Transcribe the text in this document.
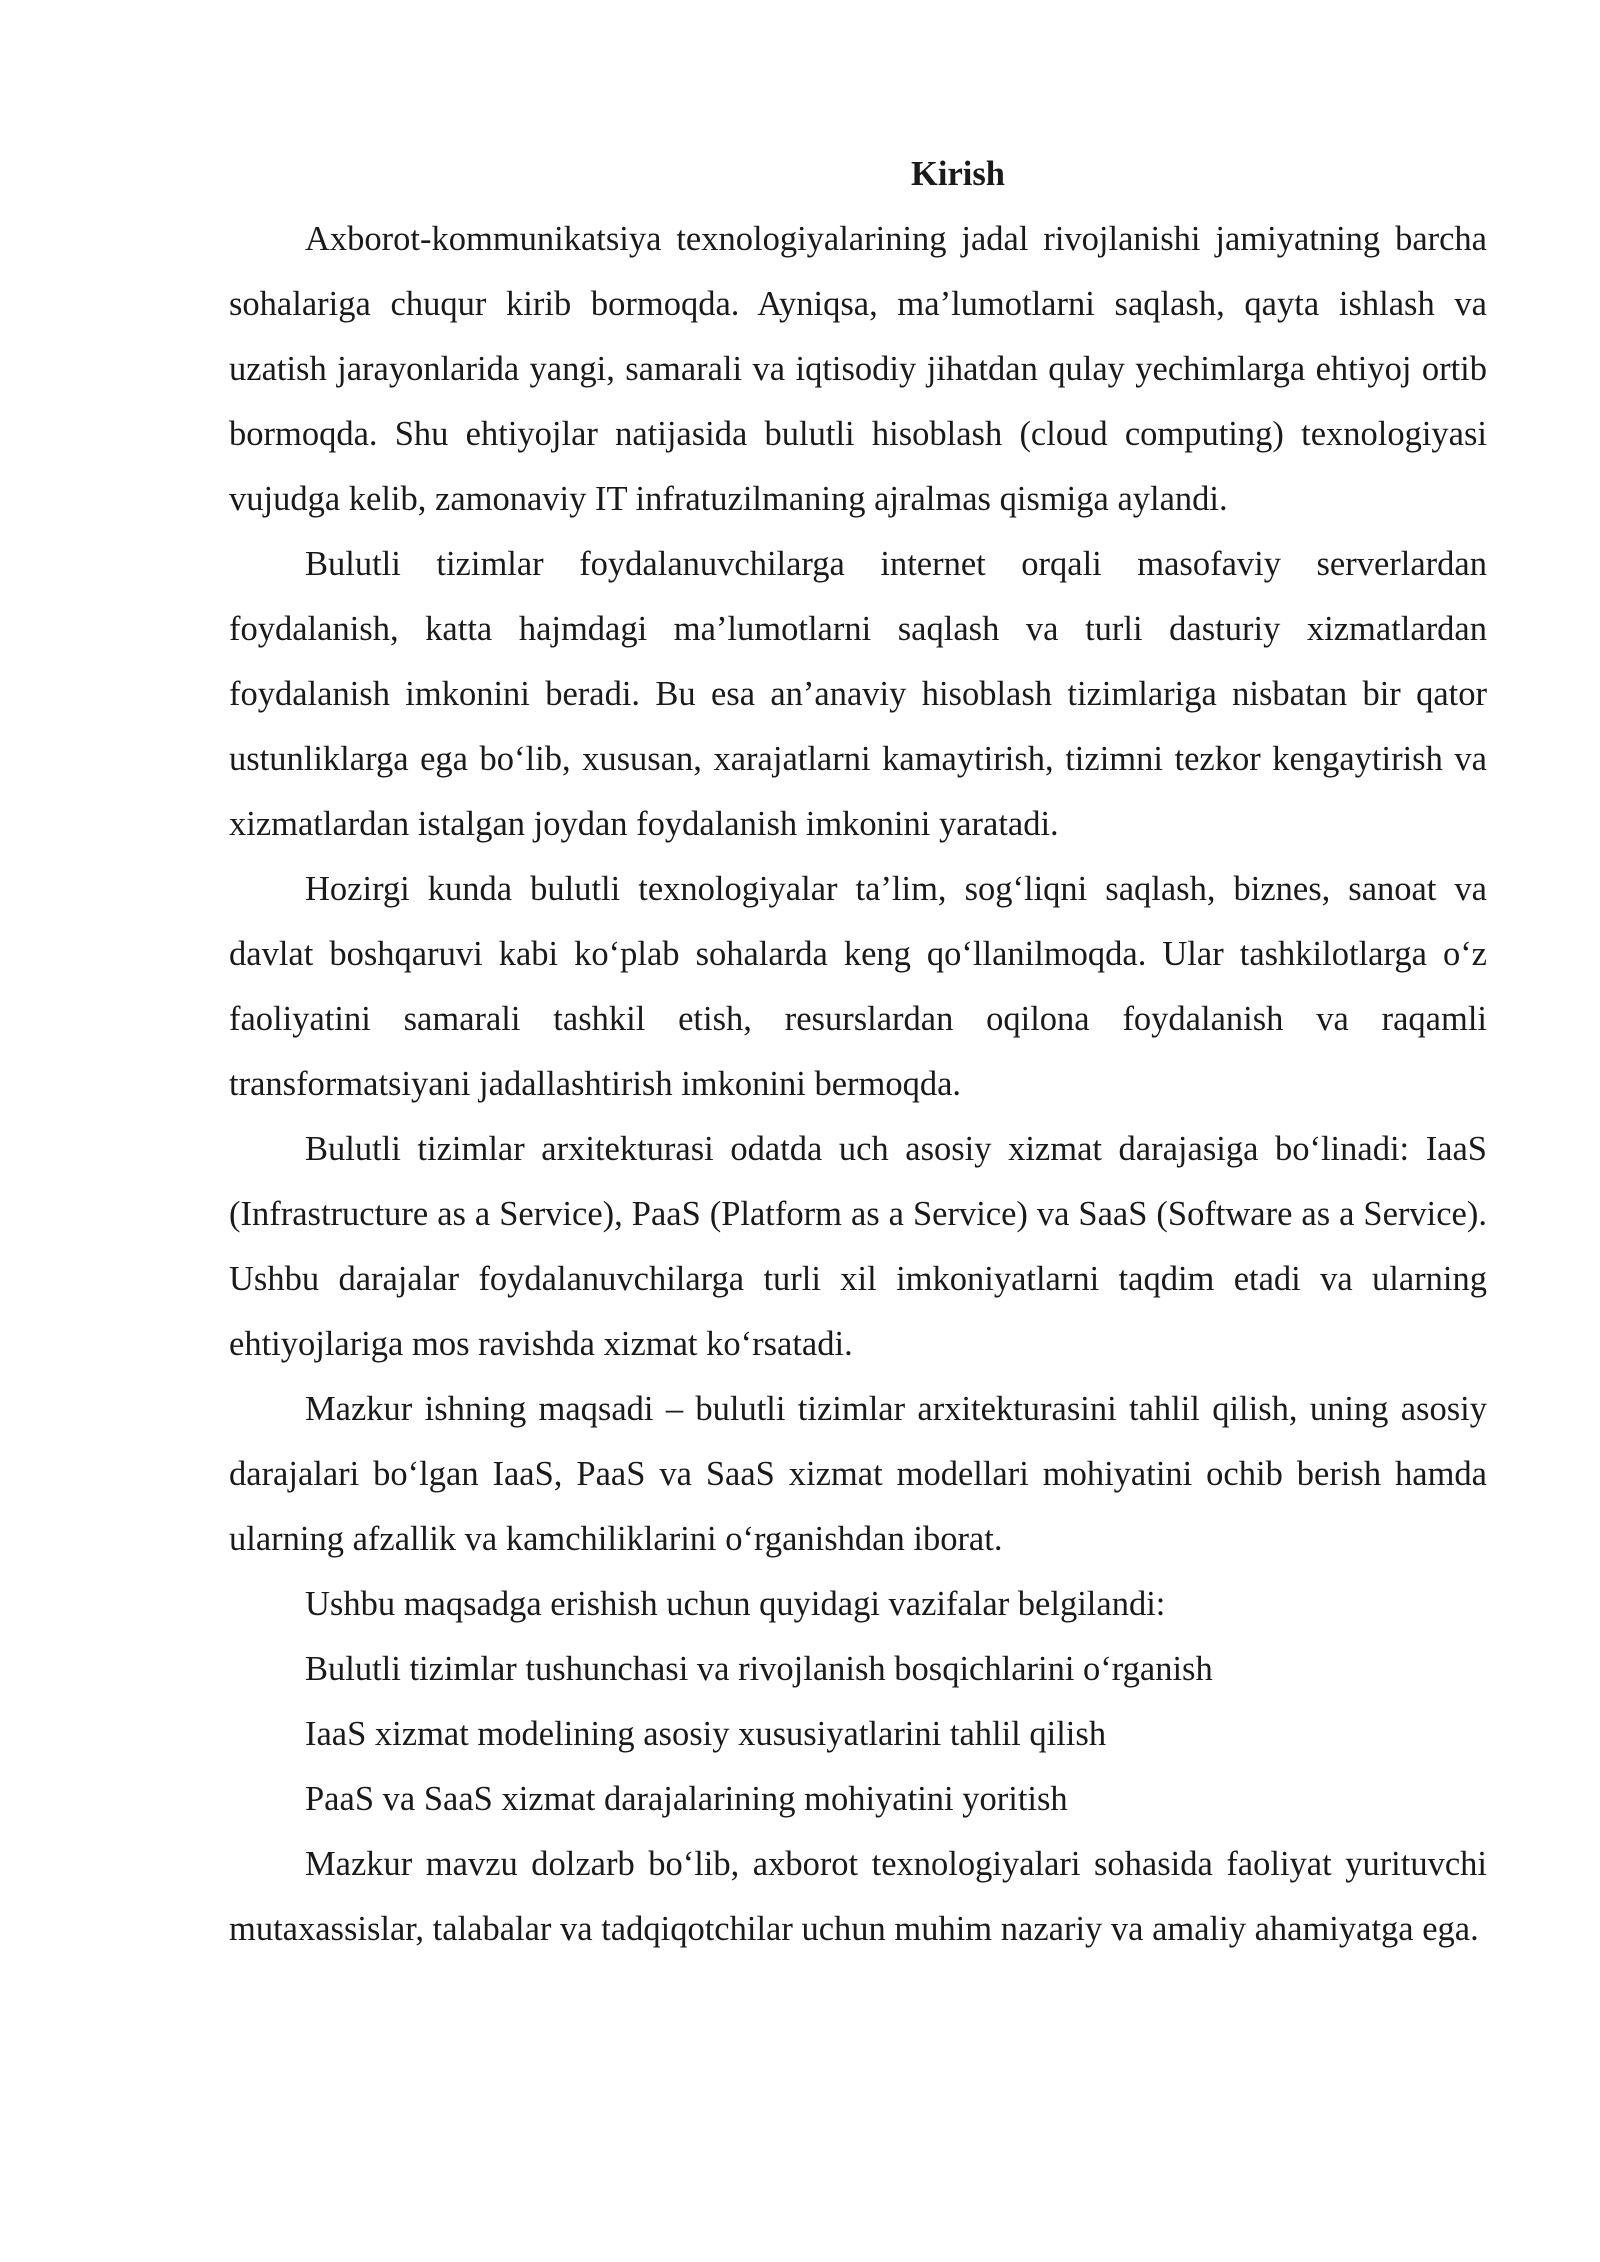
Kirish

Axborot-kommunikatsiya texnologiyalarining jadal rivojlanishi jamiyatning barcha sohalariga chuqur kirib bormoqda. Ayniqsa, ma’lumotlarni saqlash, qayta ishlash va uzatish jarayonlarida yangi, samarali va iqtisodiy jihatdan qulay yechimlarga ehtiyoj ortib bormoqda. Shu ehtiyojlar natijasida bulutli hisoblash (cloud computing) texnologiyasi vujudga kelib, zamonaviy IT infratuzilmaning ajralmas qismiga aylandi.

Bulutli tizimlar foydalanuvchilarga internet orqali masofaviy serverlardan foydalanish, katta hajmdagi ma’lumotlarni saqlash va turli dasturiy xizmatlardan foydalanish imkonini beradi. Bu esa an’anaviy hisoblash tizimlariga nisbatan bir qator ustunliklarga ega bo‘lib, xususan, xarajatlarni kamaytirish, tizimni tezkor kengaytirish va xizmatlardan istalgan joydan foydalanish imkonini yaratadi.

Hozirgi kunda bulutli texnologiyalar ta’lim, sog‘liqni saqlash, biznes, sanoat va davlat boshqaruvi kabi ko‘plab sohalarda keng qo‘llanilmoqda. Ular tashkilotlarga o‘z faoliyatini samarali tashkil etish, resurslardan oqilona foydalanish va raqamli transformatsiyani jadallashtirish imkonini bermoqda.

Bulutli tizimlar arxitekturasi odatda uch asosiy xizmat darajasiga bo‘linadi: IaaS (Infrastructure as a Service), PaaS (Platform as a Service) va SaaS (Software as a Service). Ushbu darajalar foydalanuvchilarga turli xil imkoniyatlarni taqdim etadi va ularning ehtiyojlariga mos ravishda xizmat ko‘rsatadi.

Mazkur ishning maqsadi – bulutli tizimlar arxitekturasini tahlil qilish, uning asosiy darajalari bo‘lgan IaaS, PaaS va SaaS xizmat modellari mohiyatini ochib berish hamda ularning afzallik va kamchiliklarini o‘rganishdan iborat.

Ushbu maqsadga erishish uchun quyidagi vazifalar belgilandi:
Bulutli tizimlar tushunchasi va rivojlanish bosqichlarini o‘rganish
IaaS xizmat modelining asosiy xususiyatlarini tahlil qilish
PaaS va SaaS xizmat darajalarining mohiyatini yoritish

Mazkur mavzu dolzarb bo‘lib, axborot texnologiyalari sohasida faoliyat yurituvchi mutaxassislar, talabalar va tadqiqotchilar uchun muhim nazariy va amaliy ahamiyatga ega.
